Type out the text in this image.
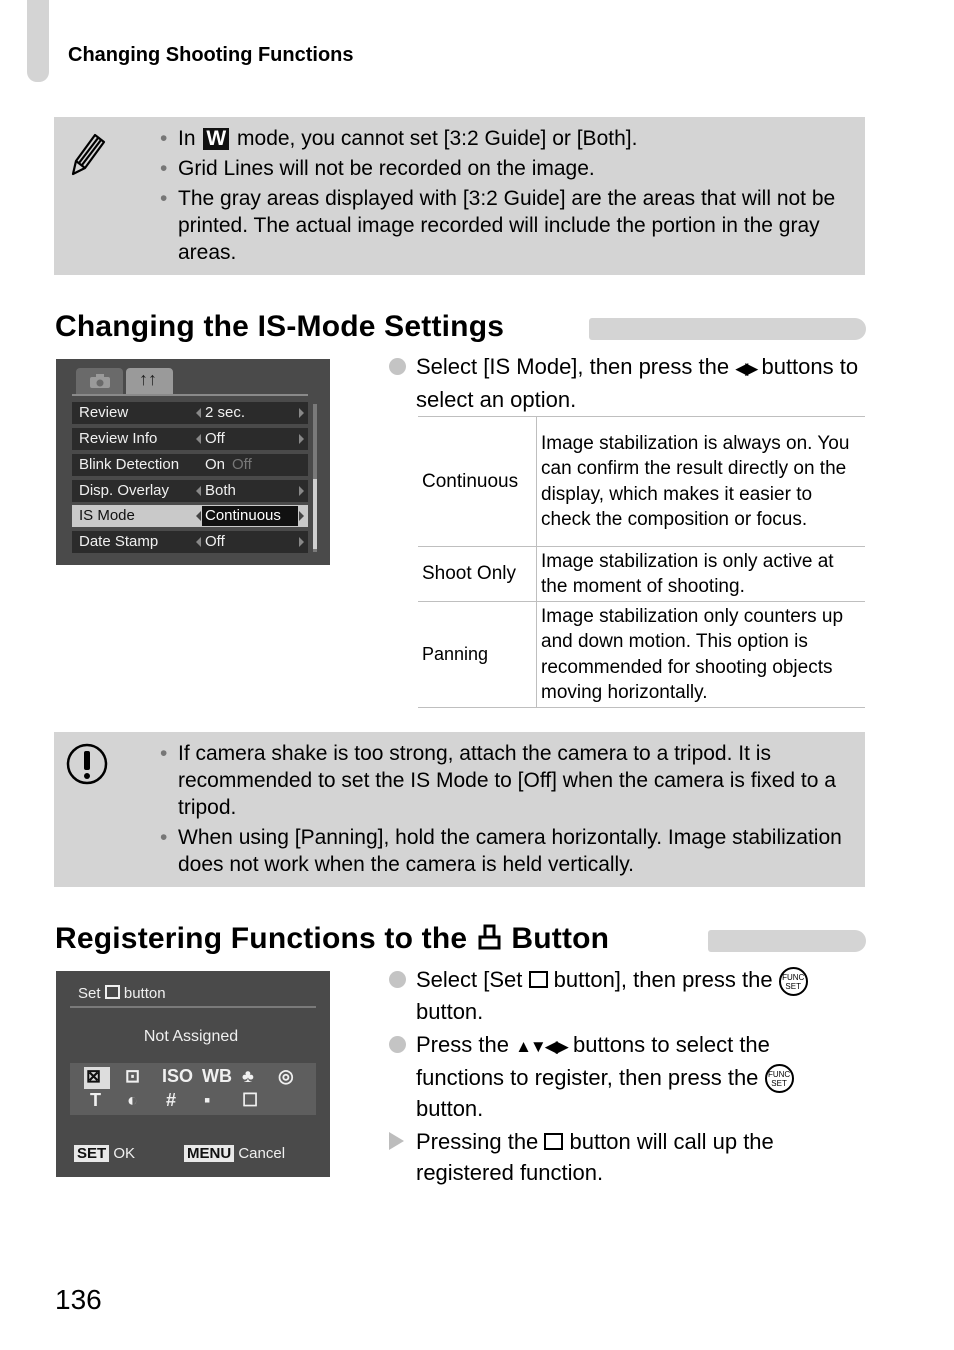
Changing Shooting Functions
• In W mode, you cannot set [3:2 Guide] or [Both].
• Grid Lines will not be recorded on the image.
• The gray areas displayed with [3:2 Guide] are the areas that will not be printed. The actual image recorded will include the portion in the gray areas.
Changing the IS-Mode Settings
↑↑
Review	2 sec.
Review Info	Off
Blink Detection On Off
Disp. Overlay Both
IS Mode	Continuous
Date Stamp	Off
Select [IS Mode], then press the ◀▶ buttons to select an option.
Continuous	Image stabilization is always on. You can confirm the result directly on the display, which makes it easier to check the composition or focus.
Shoot Only	Image stabilization is only active at the moment of shooting.
Panning	Image stabilization only counters up and down motion. This option is recommended for shooting objects moving horizontally.
• If camera shake is too strong, attach the camera to a tripod. It is recommended to set the IS Mode to [Off] when the camera is fixed to a tripod.
• When using [Panning], hold the camera horizontally. Image stabilization does not work when the camera is held vertically.
Registering Functions to the Button
Set button
Not Assigned
⊠ ⊡ ISO WB ♣ ◎
T ◐ # ▪ ☐
SET OK	MENU Cancel
Select [Set button], then press the FUNC SET button.
Press the ▲▼◀▶ buttons to select the functions to register, then press the FUNC SET button.
Pressing the button will call up the registered function.
136
